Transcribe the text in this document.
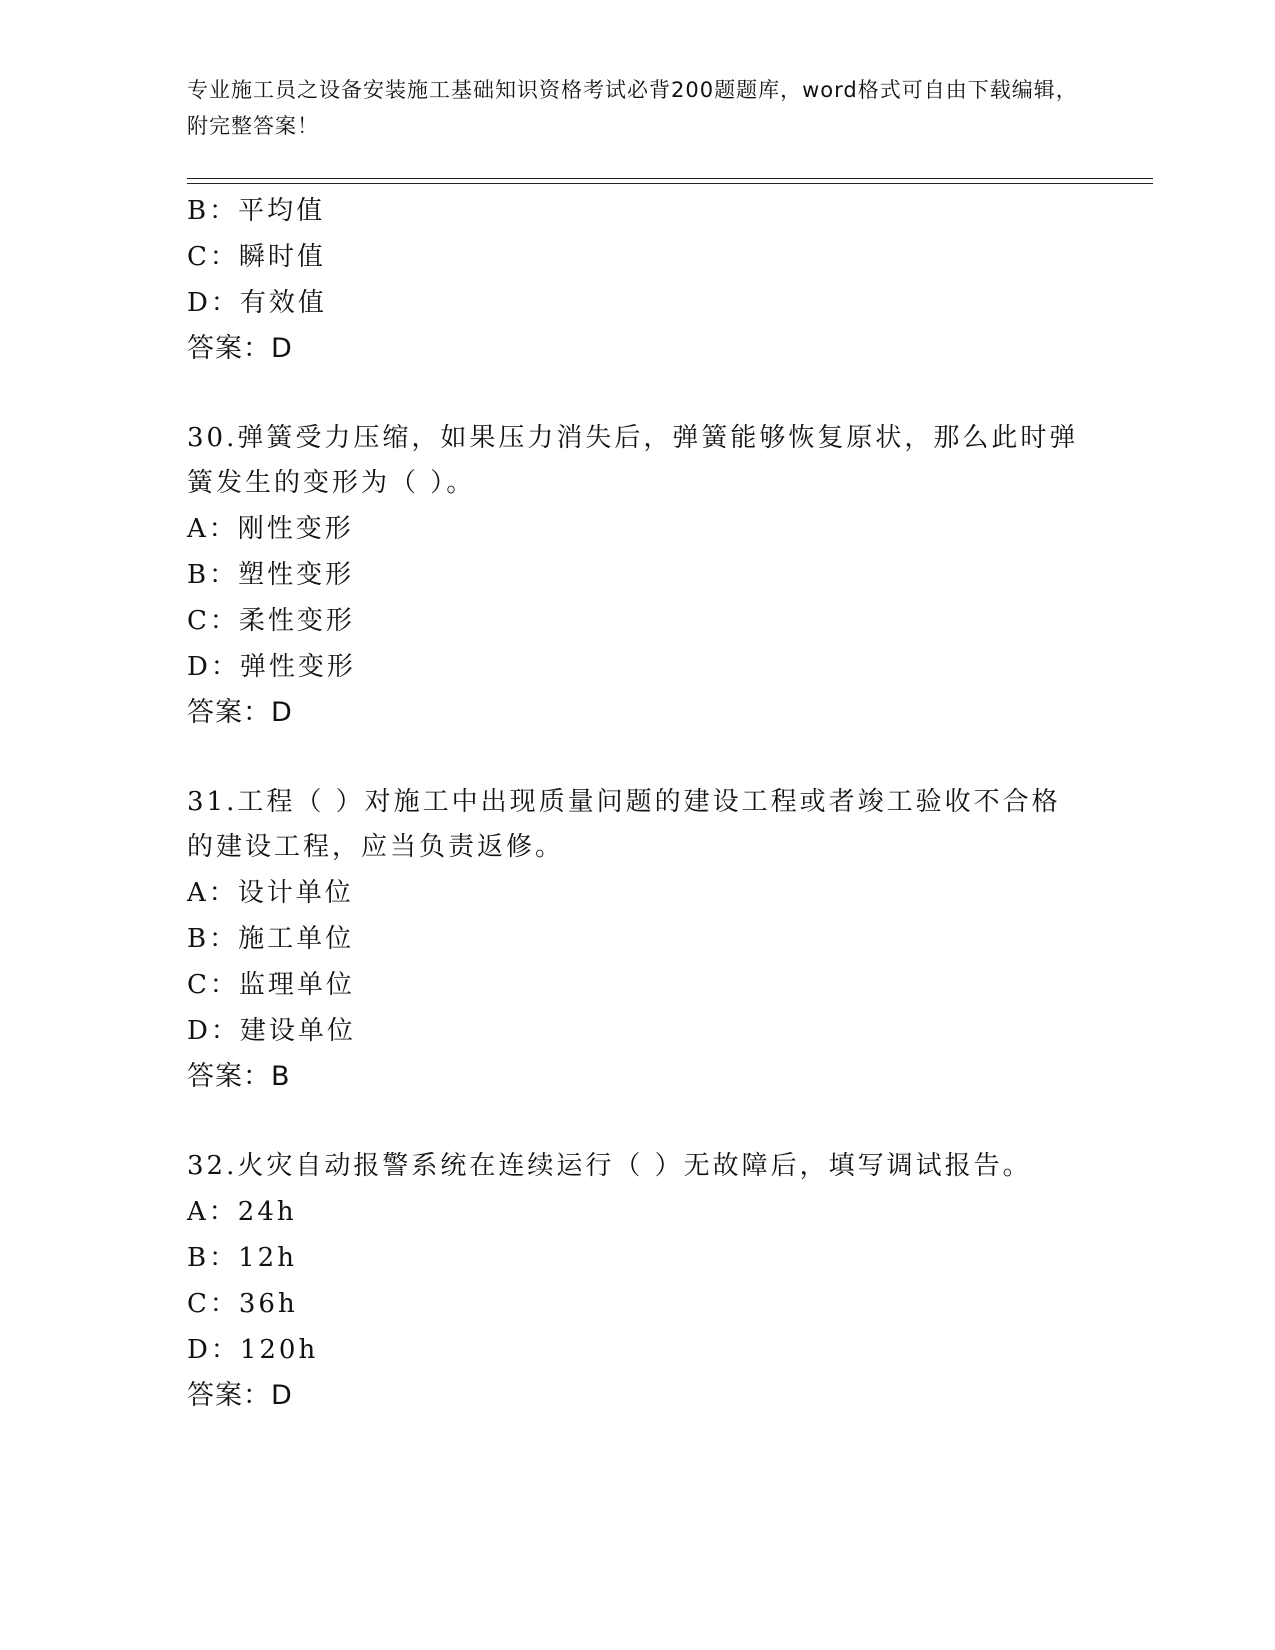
专业施工员之设备安装施工基础知识资格考试必背200题题库，word格式可自由下载编辑，附完整答案！
B：平均值
C：瞬时值
D：有效值
答案：D
30.弹簧受力压缩，如果压力消失后，弹簧能够恢复原状，那么此时弹簧发生的变形为（ ）。
A：刚性变形
B：塑性变形
C：柔性变形
D：弹性变形
答案：D
31.工程（ ）对施工中出现质量问题的建设工程或者竣工验收不合格的建设工程，应当负责返修。
A：设计单位
B：施工单位
C：监理单位
D：建设单位
答案：B
32.火灾自动报警系统在连续运行（ ）无故障后，填写调试报告。
A：24h
B：12h
C：36h
D：120h
答案：D
